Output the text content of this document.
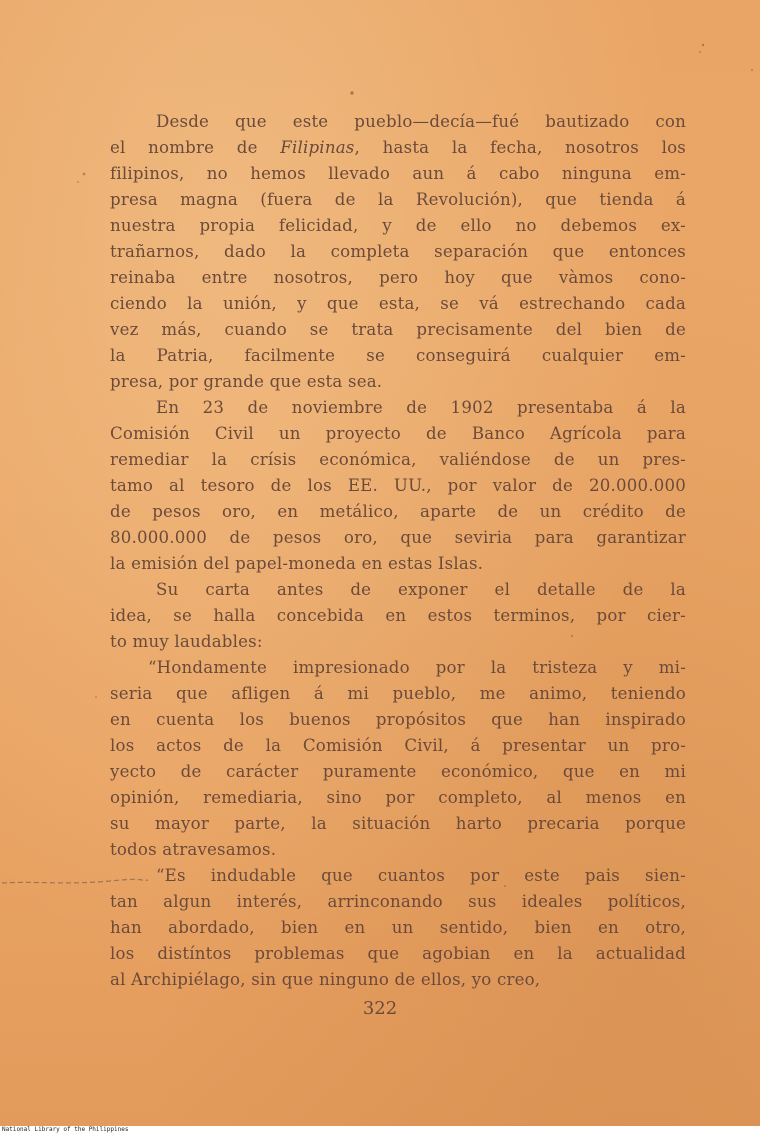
Desde que este pueblo—decía—fué bautizado con
el nombre de Filipinas, hasta la fecha, nosotros los
filipinos, no hemos llevado aun á cabo ninguna em-
presa magna (fuera de la Revolución), que tienda á
nuestra propia felicidad, y de ello no debemos ex-
trañarnos, dado la completa separación que entonces
reinaba entre nosotros, pero hoy que vàmos cono-
ciendo la unión, y que esta, se vá estrechando cada
vez más, cuando se trata precisamente del bien de
la Patria, facilmente se conseguirá cualquier em-
presa, por grande que esta sea.
En 23 de noviembre de 1902 presentaba á la
Comisión Civil un proyecto de Banco Agrícola para
remediar la crísis económica, valiéndose de un pres-
tamo al tesoro de los EE. UU., por valor de 20.000.000
de pesos oro, en metálico, aparte de un crédito de
80.000.000 de pesos oro, que seviria para garantizar
la emisión del papel-moneda en estas Islas.
Su carta antes de exponer el detalle de la
idea, se halla concebida en estos terminos, por cier-
to muy laudables:
“Hondamente impresionado por la tristeza y mi-
seria que afligen á mi pueblo, me animo, teniendo
en cuenta los buenos propósitos que han inspirado
los actos de la Comisión Civil, á presentar un pro-
yecto de carácter puramente económico, que en mi
opinión, remediaria, sino por completo, al menos en
su mayor parte, la situación harto precaria porque
todos atravesamos.
“Es indudable que cuantos por este pais sien-
tan algun interés, arrinconando sus ideales políticos,
han abordado, bien en un sentido, bien en otro,
los distíntos problemas que agobian en la actualidad
al Archipiélago, sin que ninguno de ellos, yo creo,
322
National Library of the Philippines
